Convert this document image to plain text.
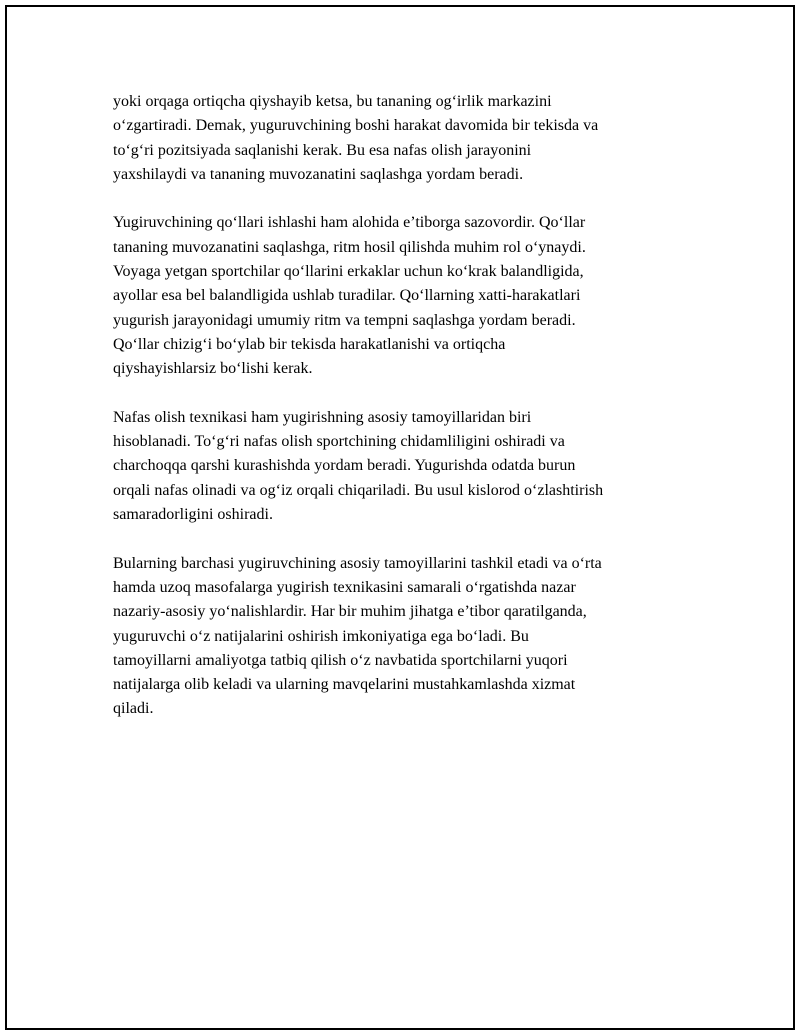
yoki orqaga ortiqcha qiyshayib ketsa, bu tananing og‘irlik markazini
o‘zgartiradi. Demak, yuguruvchining boshi harakat davomida bir tekisda va
to‘g‘ri pozitsiyada saqlanishi kerak. Bu esa nafas olish jarayonini
yaxshilaydi va tananing muvozanatini saqlashga yordam beradi.

Yugiruvchining qo‘llari ishlashi ham alohida e’tiborga sazovordir. Qo‘llar
tananing muvozanatini saqlashga, ritm hosil qilishda muhim rol o‘ynaydi.
Voyaga yetgan sportchilar qo‘llarini erkaklar uchun ko‘krak balandligida,
ayollar esa bel balandligida ushlab turadilar. Qo‘llarning xatti-harakatlari
yugurish jarayonidagi umumiy ritm va tempni saqlashga yordam beradi.
Qo‘llar chizig‘i bo‘ylab bir tekisda harakatlanishi va ortiqcha
qiyshayishlarsiz bo‘lishi kerak.

Nafas olish texnikasi ham yugirishning asosiy tamoyillaridan biri
hisoblanadi. To‘g‘ri nafas olish sportchining chidamliligini oshiradi va
charchoqqa qarshi kurashishda yordam beradi. Yugurishda odatda burun
orqali nafas olinadi va og‘iz orqali chiqariladi. Bu usul kislorod o‘zlashtirish
samaradorligini oshiradi.

Bularning barchasi yugiruvchining asosiy tamoyillarini tashkil etadi va o‘rta
hamda uzoq masofalarga yugirish texnikasini samarali o‘rgatishda nazar
nazariy-asosiy yo‘nalishlardir. Har bir muhim jihatga e’tibor qaratilganda,
yuguruvchi o‘z natijalarini oshirish imkoniyatiga ega bo‘ladi. Bu
tamoyillarni amaliyotga tatbiq qilish o‘z navbatida sportchilarni yuqori
natijalarga olib keladi va ularning mavqelarini mustahkamlashda xizmat
qiladi.
